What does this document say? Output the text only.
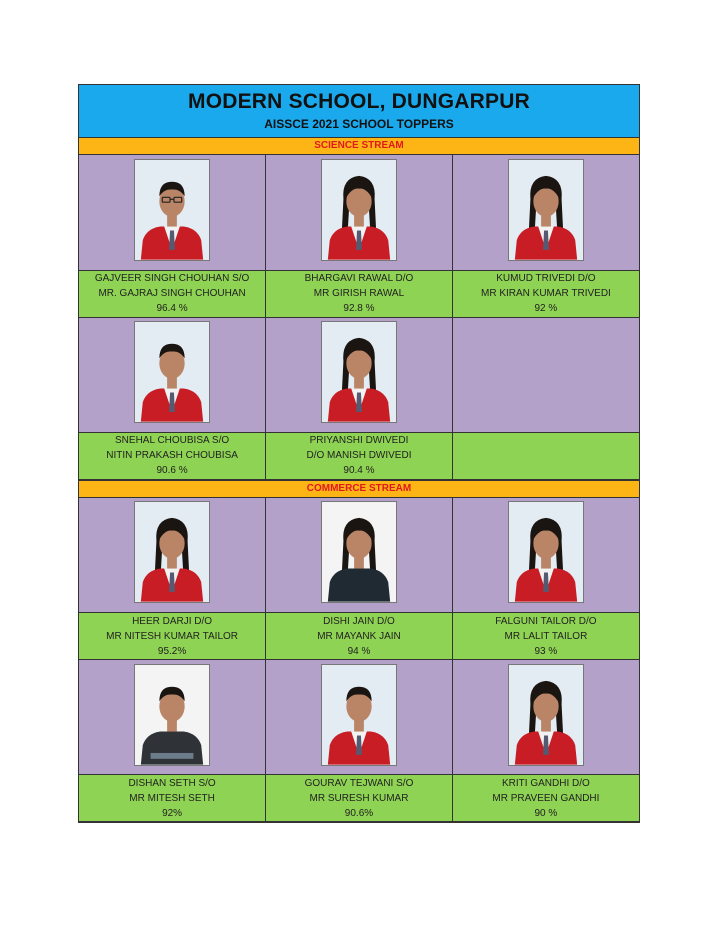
MODERN SCHOOL, DUNGARPUR
AISSCE 2021 SCHOOL TOPPERS
SCIENCE STREAM

GAJVEER SINGH CHOUHAN S/O
MR. GAJRAJ SINGH CHOUHAN
96.4 %	BHARGAVI RAWAL D/O
MR GIRISH RAWAL
92.8 %	KUMUD TRIVEDI D/O
MR KIRAN KUMAR TRIVEDI
92 %

SNEHAL CHOUBISA S/O
NITIN PRAKASH CHOUBISA
90.6 %	PRIYANSHI DWIVEDI
D/O MANISH DWIVEDI
90.4 %	

COMMERCE STREAM

HEER DARJI D/O
MR NITESH KUMAR TAILOR
95.2%	DISHI JAIN D/O
MR MAYANK JAIN
94 %	FALGUNI TAILOR D/O
MR LALIT TAILOR
93 %

DISHAN SETH S/O
MR MITESH SETH
92%	GOURAV TEJWANI S/O
MR SURESH KUMAR
90.6%	KRITI GANDHI D/O
MR PRAVEEN GANDHI
90 %
